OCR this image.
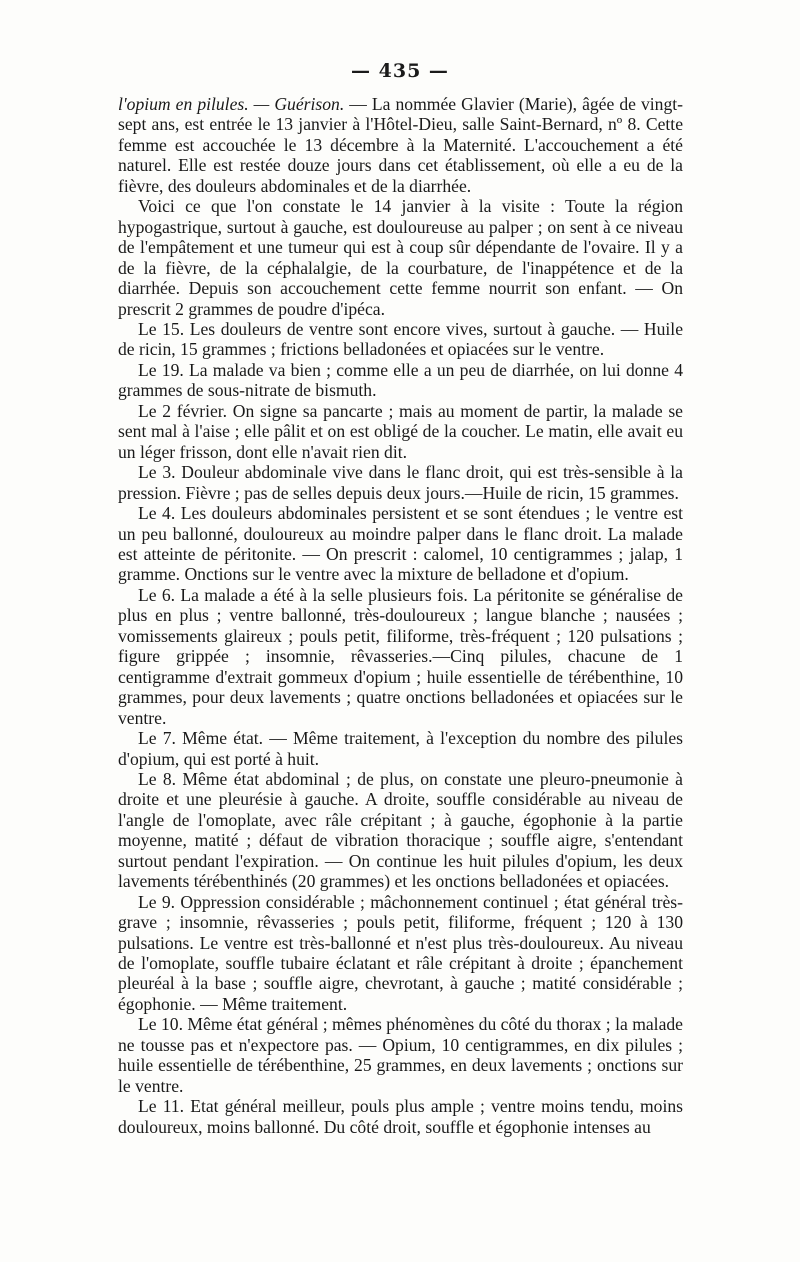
— 435 —

l'opium en pilules. — Guérison. — La nommée Glavier (Marie), âgée de vingt-sept ans, est entrée le 13 janvier à l'Hôtel-Dieu, salle Saint-Bernard, nº 8. Cette femme est accouchée le 13 décembre à la Maternité. L'accouchement a été naturel. Elle est restée douze jours dans cet établissement, où elle a eu de la fièvre, des douleurs abdominales et de la diarrhée.

Voici ce que l'on constate le 14 janvier à la visite : Toute la région hypogastrique, surtout à gauche, est douloureuse au palper ; on sent à ce niveau de l'empâtement et une tumeur qui est à coup sûr dépendante de l'ovaire. Il y a de la fièvre, de la céphalalgie, de la courbature, de l'inappétence et de la diarrhée. Depuis son accouchement cette femme nourrit son enfant. — On prescrit 2 grammes de poudre d'ipéca.

Le 15. Les douleurs de ventre sont encore vives, surtout à gauche. — Huile de ricin, 15 grammes ; frictions belladonées et opiacées sur le ventre.

Le 19. La malade va bien ; comme elle a un peu de diarrhée, on lui donne 4 grammes de sous-nitrate de bismuth.

Le 2 février. On signe sa pancarte ; mais au moment de partir, la malade se sent mal à l'aise ; elle pâlit et on est obligé de la coucher. Le matin, elle avait eu un léger frisson, dont elle n'avait rien dit.

Le 3. Douleur abdominale vive dans le flanc droit, qui est très-sensible à la pression. Fièvre ; pas de selles depuis deux jours.—Huile de ricin, 15 grammes.

Le 4. Les douleurs abdominales persistent et se sont étendues ; le ventre est un peu ballonné, douloureux au moindre palper dans le flanc droit. La malade est atteinte de péritonite. — On prescrit : calomel, 10 centigrammes ; jalap, 1 gramme. Onctions sur le ventre avec la mixture de belladone et d'opium.

Le 6. La malade a été à la selle plusieurs fois. La péritonite se généralise de plus en plus ; ventre ballonné, très-douloureux ; langue blanche ; nausées ; vomissements glaireux ; pouls petit, filiforme, très-fréquent ; 120 pulsations ; figure grippée ; insomnie, rêvasseries.—Cinq pilules, chacune de 1 centigramme d'extrait gommeux d'opium ; huile essentielle de térébenthine, 10 grammes, pour deux lavements ; quatre onctions belladonées et opiacées sur le ventre.

Le 7. Même état. — Même traitement, à l'exception du nombre des pilules d'opium, qui est porté à huit.

Le 8. Même état abdominal ; de plus, on constate une pleuro-pneumonie à droite et une pleurésie à gauche. A droite, souffle considérable au niveau de l'angle de l'omoplate, avec râle crépitant ; à gauche, égophonie à la partie moyenne, matité ; défaut de vibration thoracique ; souffle aigre, s'entendant surtout pendant l'expiration. — On continue les huit pilules d'opium, les deux lavements térébenthinés (20 grammes) et les onctions belladonées et opiacées.

Le 9. Oppression considérable ; mâchonnement continuel ; état général très-grave ; insomnie, rêvasseries ; pouls petit, filiforme, fréquent ; 120 à 130 pulsations. Le ventre est très-ballonné et n'est plus très-douloureux. Au niveau de l'omoplate, souffle tubaire éclatant et râle crépitant à droite ; épanchement pleuréal à la base ; souffle aigre, chevrotant, à gauche ; matité considérable ; égophonie. — Même traitement.

Le 10. Même état général ; mêmes phénomènes du côté du thorax ; la malade ne tousse pas et n'expectore pas. — Opium, 10 centigrammes, en dix pilules ; huile essentielle de térébenthine, 25 grammes, en deux lavements ; onctions sur le ventre.

Le 11. Etat général meilleur, pouls plus ample ; ventre moins tendu, moins douloureux, moins ballonné. Du côté droit, souffle et égophonie intenses au
